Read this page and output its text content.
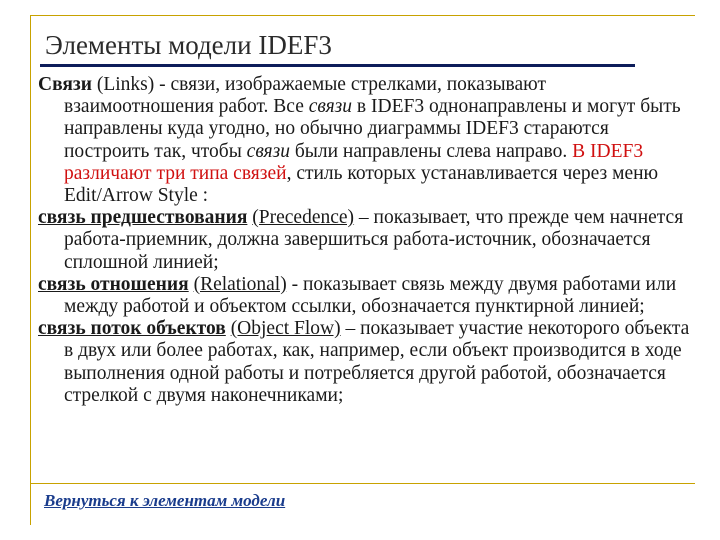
Элементы модели IDEF3

Связи (Links) - связи, изображаемые стрелками, показывают взаимоотношения работ. Все связи в IDEF3 однонаправлены и могут быть направлены куда угодно, но обычно диаграммы IDEF3 стараются построить так, чтобы связи были направлены слева направо. В IDEF3 различают три типа связей, стиль которых устанавливается через меню Edit/Arrow Style :

связь предшествования (Precedence) – показывает, что прежде чем начнется работа-приемник, должна завершиться работа-источник, обозначается сплошной линией;

связь отношения (Relational) - показывает связь между двумя работами или между работой и объектом ссылки, обозначается пунктирной линией;

связь поток объектов (Object Flow) – показывает участие некоторого объекта в двух или более работах, как, например, если объект производится в ходе выполнения одной работы и потребляется другой работой, обозначается стрелкой с двумя наконечниками;

Вернуться к элементам модели
